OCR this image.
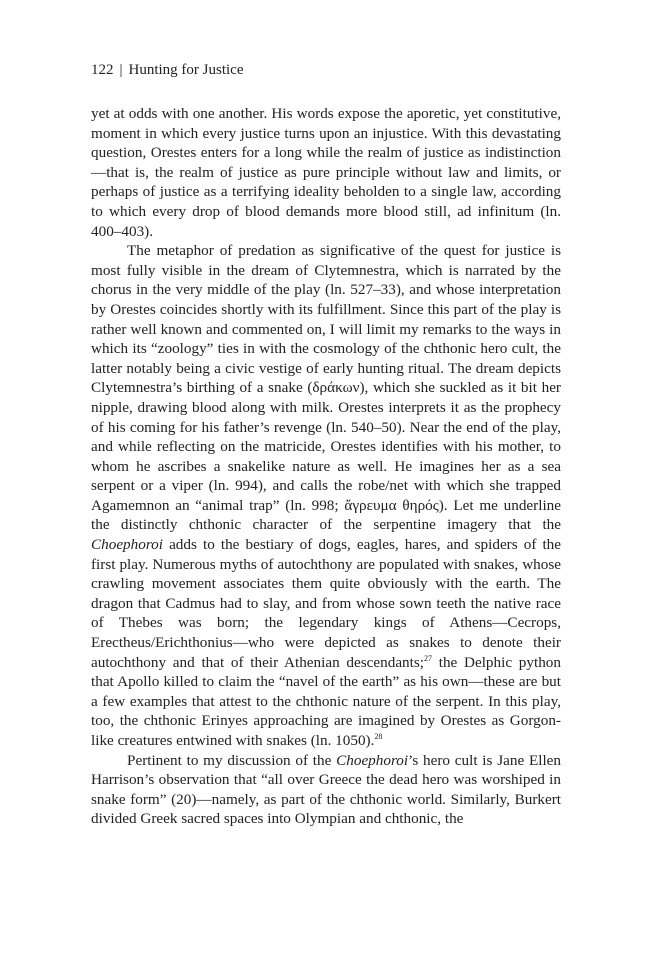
122 | Hunting for Justice

yet at odds with one another. His words expose the aporetic, yet constitutive, moment in which every justice turns upon an injustice. With this devastating question, Orestes enters for a long while the realm of justice as indistinction—that is, the realm of justice as pure principle without law and limits, or perhaps of justice as a terrifying ideality beholden to a single law, according to which every drop of blood demands more blood still, ad infinitum (ln. 400–403).

The metaphor of predation as significative of the quest for justice is most fully visible in the dream of Clytemnestra, which is narrated by the chorus in the very middle of the play (ln. 527–33), and whose interpretation by Orestes coincides shortly with its fulfillment. Since this part of the play is rather well known and commented on, I will limit my remarks to the ways in which its “zoology” ties in with the cosmology of the chthonic hero cult, the latter notably being a civic vestige of early hunting ritual. The dream depicts Clytemnestra’s birthing of a snake (δράκων), which she suckled as it bit her nipple, drawing blood along with milk. Orestes interprets it as the prophecy of his coming for his father’s revenge (ln. 540–50). Near the end of the play, and while reflecting on the matricide, Orestes identifies with his mother, to whom he ascribes a snakelike nature as well. He imagines her as a sea serpent or a viper (ln. 994), and calls the robe/net with which she trapped Agamemnon an “animal trap” (ln. 998; ἄγρευμα θηρός). Let me underline the distinctly chthonic character of the serpentine imagery that the Choephoroi adds to the bestiary of dogs, eagles, hares, and spiders of the first play. Numerous myths of autochthony are populated with snakes, whose crawling movement associates them quite obviously with the earth. The dragon that Cadmus had to slay, and from whose sown teeth the native race of Thebes was born; the legendary kings of Athens—Cecrops, Erectheus/Erichthonius—who were depicted as snakes to denote their autochthony and that of their Athenian descendants;$^{27}$ the Delphic python that Apollo killed to claim the “navel of the earth” as his own—these are but a few examples that attest to the chthonic nature of the serpent. In this play, too, the chthonic Erinyes approaching are imagined by Orestes as Gorgon-like creatures entwined with snakes (ln. 1050).$^{28}$

Pertinent to my discussion of the Choephoroi’s hero cult is Jane Ellen Harrison’s observation that “all over Greece the dead hero was worshiped in snake form” (20)—namely, as part of the chthonic world. Similarly, Burkert divided Greek sacred spaces into Olympian and chthonic, the
